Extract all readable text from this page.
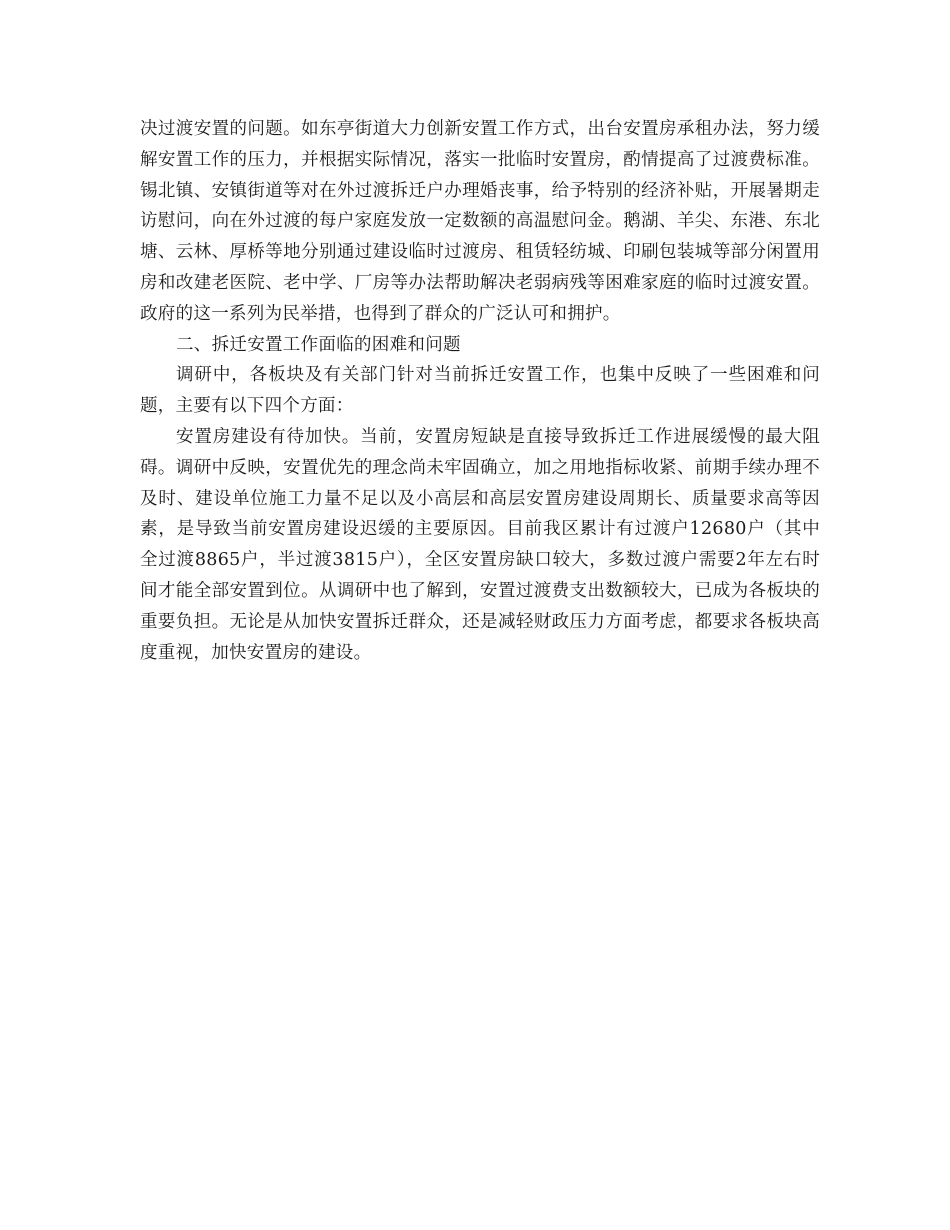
决过渡安置的问题。如东亭街道大力创新安置工作方式，出台安置房承租办法，努力缓解安置工作的压力，并根据实际情况，落实一批临时安置房，酌情提高了过渡费标准。锡北镇、安镇街道等对在外过渡拆迁户办理婚丧事，给予特别的经济补贴，开展暑期走访慰问，向在外过渡的每户家庭发放一定数额的高温慰问金。鹅湖、羊尖、东港、东北塘、云林、厚桥等地分别通过建设临时过渡房、租赁轻纺城、印刷包装城等部分闲置用房和改建老医院、老中学、厂房等办法帮助解决老弱病残等困难家庭的临时过渡安置。政府的这一系列为民举措，也得到了群众的广泛认可和拥护。

二、拆迁安置工作面临的困难和问题

调研中，各板块及有关部门针对当前拆迁安置工作，也集中反映了一些困难和问题，主要有以下四个方面：

安置房建设有待加快。当前，安置房短缺是直接导致拆迁工作进展缓慢的最大阻碍。调研中反映，安置优先的理念尚未牢固确立，加之用地指标收紧、前期手续办理不及时、建设单位施工力量不足以及小高层和高层安置房建设周期长、质量要求高等因素，是导致当前安置房建设迟缓的主要原因。目前我区累计有过渡户12680户（其中全过渡8865户，半过渡3815户），全区安置房缺口较大，多数过渡户需要2年左右时间才能全部安置到位。从调研中也了解到，安置过渡费支出数额较大，已成为各板块的重要负担。无论是从加快安置拆迁群众，还是减轻财政压力方面考虑，都要求各板块高度重视，加快安置房的建设。
